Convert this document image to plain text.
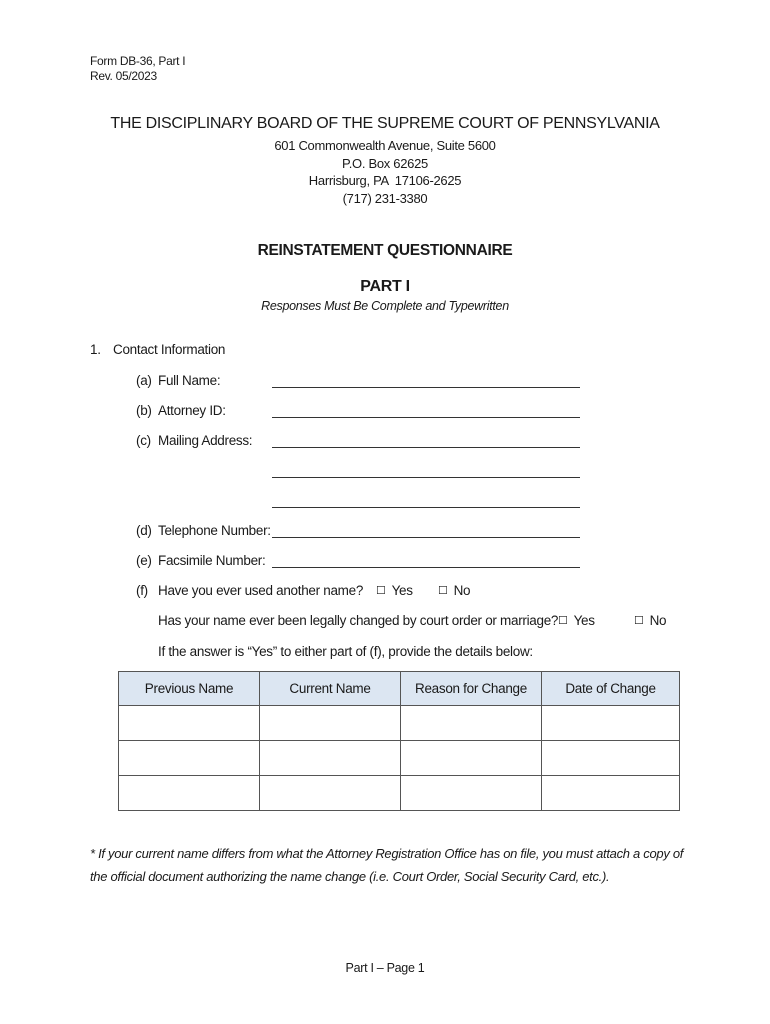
Form DB-36, Part I
Rev. 05/2023
THE DISCIPLINARY BOARD OF THE SUPREME COURT OF PENNSYLVANIA
601 Commonwealth Avenue, Suite 5600
P.O. Box 62625
Harrisburg, PA  17106-2625
(717) 231-3380
REINSTATEMENT QUESTIONNAIRE
PART I
Responses Must Be Complete and Typewritten
1. Contact Information
(a) Full Name:
(b) Attorney ID:
(c) Mailing Address:
(d) Telephone Number:
(e) Facsimile Number:
(f) Have you ever used another name? ☐ Yes ☐ No
Has your name ever been legally changed by court order or marriage? ☐ Yes	☐ No
If the answer is “Yes” to either part of (f), provide the details below:
Previous Name	Current Name	Reason for Change	Date of Change

* If your current name differs from what the Attorney Registration Office has on file, you must attach a copy of the official document authorizing the name change (i.e. Court Order, Social Security Card, etc.).
Part I – Page 1
